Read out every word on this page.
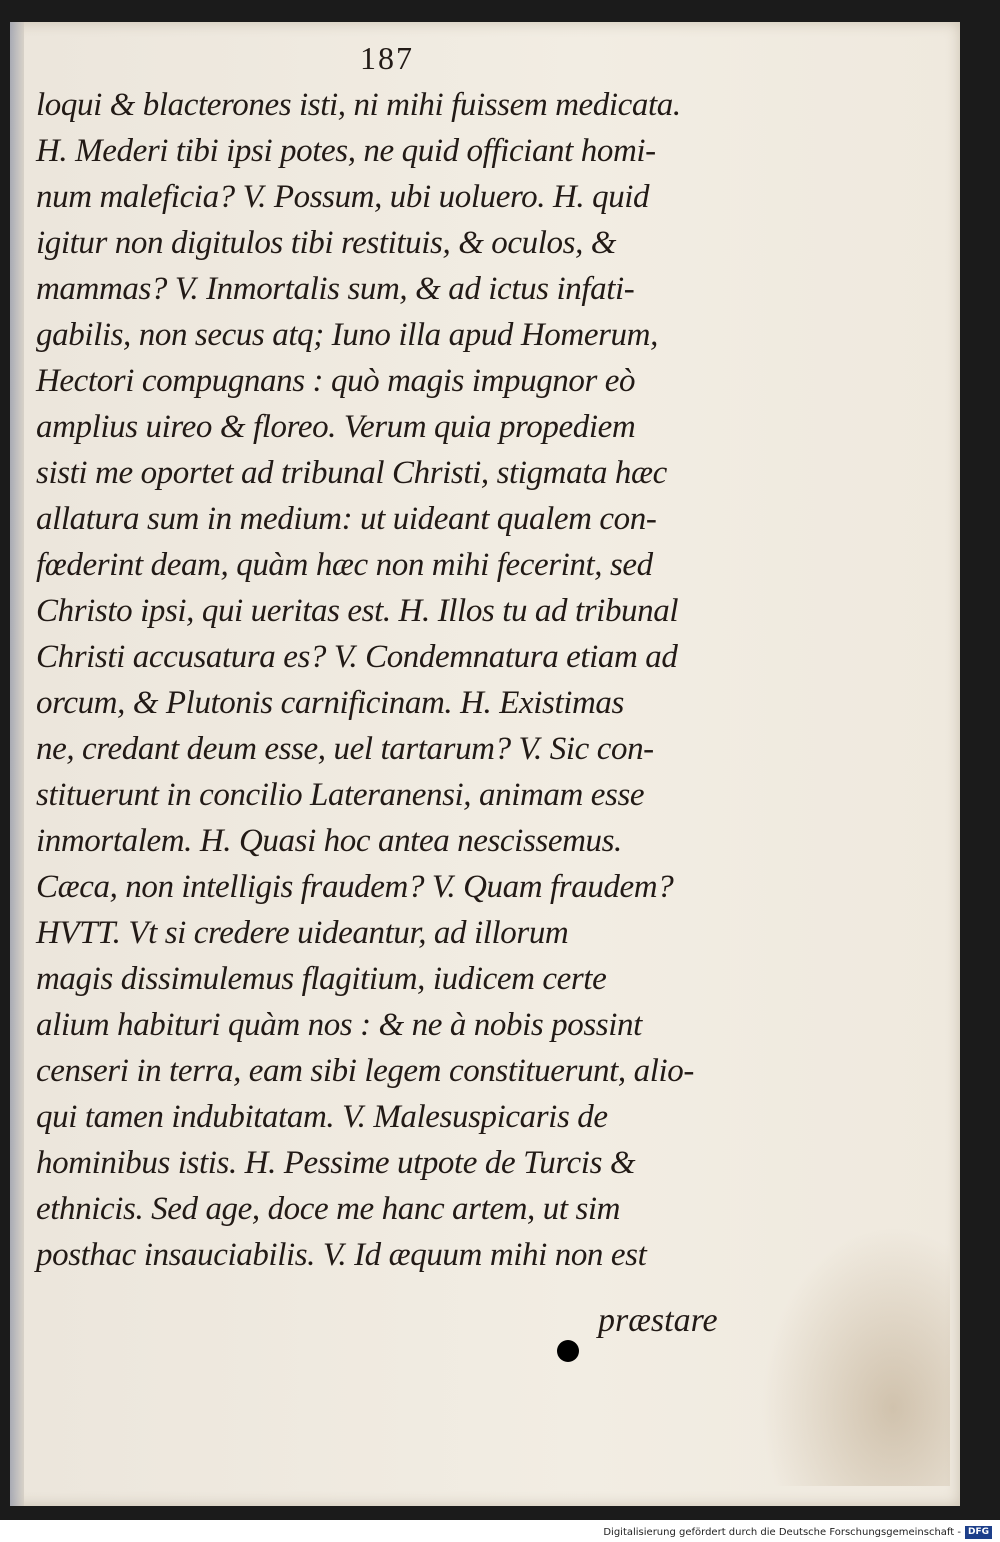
187
loqui & blacterones isti, ni mihi fuissem medicata.
H. Mederi tibi ipsi potes, ne quid officiant homi-
num maleficia? V. Possum, ubi uoluero. H. quid
igitur non digitulos tibi restituis, & oculos, &
mammas? V. Inmortalis sum, & ad ictus infati-
gabilis, non secus atq; Iuno illa apud Homerum,
Hectori compugnans : quò magis impugnor eò
amplius uireo & floreo. Verum quia propediem
sisti me oportet ad tribunal Christi, stigmata hæc
allatura sum in medium: ut uideant qualem con-
fœderint deam, quàm hæc non mihi fecerint, sed
Christo ipsi, qui ueritas est. H. Illos tu ad tribunal
Christi accusatura es? V. Condemnatura etiam ad
orcum, & Plutonis carnificinam. H. Existimas
ne, credant deum esse, uel tartarum? V. Sic con-
stituerunt in concilio Lateranensi, animam esse
inmortalem. H. Quasi hoc antea nescissemus.
Cæca, non intelligis fraudem? V. Quam fraudem?
HVTT. Vt si credere uideantur, ad illorum
magis dissimulemus flagitium, iudicem certe
alium habituri quàm nos : & ne à nobis possint
censeri in terra, eam sibi legem constituerunt, alio-
qui tamen indubitatam. V. Malesuspicaris de
hominibus istis. H. Pessime utpote de Turcis &
ethnicis. Sed age, doce me hanc artem, ut sim
posthac insauciabilis. V. Id æquum mihi non est
præstare
Digitalisierung gefördert durch die Deutsche Forschungsgemeinschaft - DFG
